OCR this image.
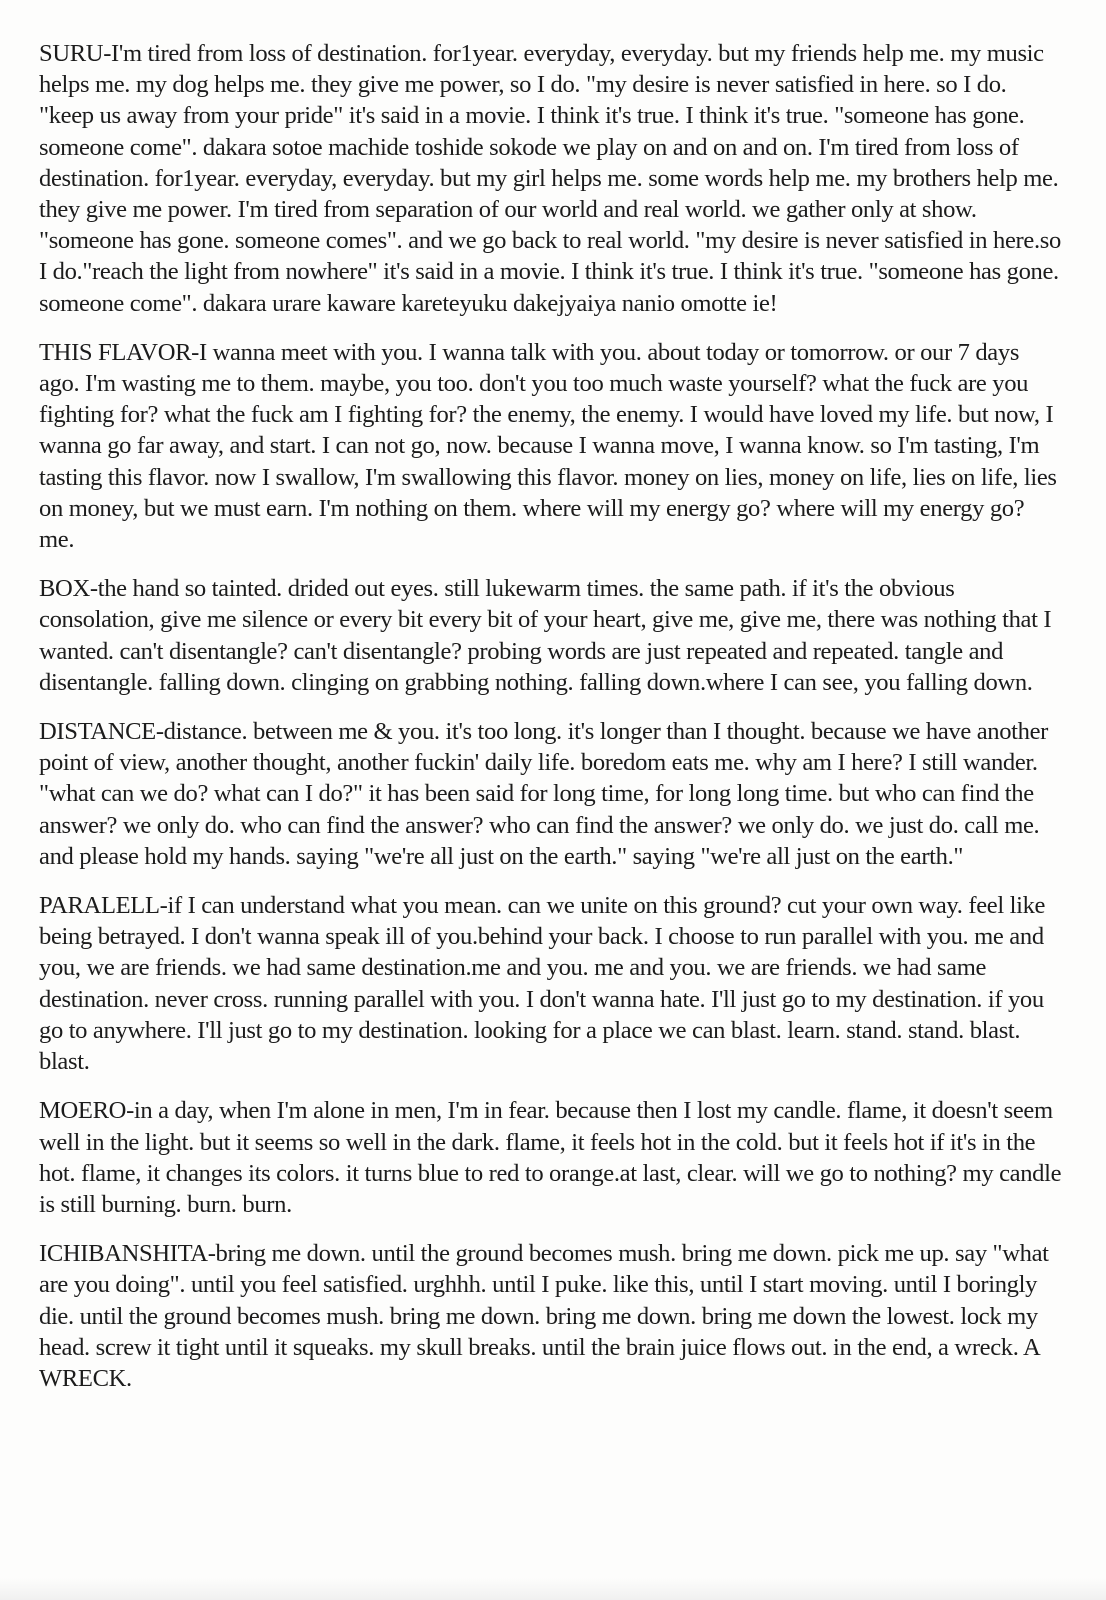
SURU-I'm tired from loss of destination. for1year. everyday, everyday. but my friends help me. my music helps me. my dog helps me. they give me power, so I do. "my desire is never satisfied in here. so I do. "keep us away from your pride" it's said in a movie. I think it's true. I think it's true. "someone has gone. someone come". dakara sotoe machide toshide sokode we play on and on and on. I'm tired from loss of destination. for1year. everyday, everyday. but my girl helps me. some words help me. my brothers help me. they give me power. I'm tired from separation of our world and real world. we gather only at show. "someone has gone. someone comes". and we go back to real world. "my desire is never satisfied in here.so I do."reach the light from nowhere" it's said in a movie. I think it's true. I think it's true. "someone has gone. someone come". dakara urare kaware kareteyuku dakejyaiya nanio omotte ie!

THIS FLAVOR-I wanna meet with you. I wanna talk with you. about today or tomorrow. or our 7 days ago. I'm wasting me to them. maybe, you too. don't you too much waste yourself? what the fuck are you fighting for? what the fuck am I fighting for? the enemy, the enemy. I would have loved my life. but now, I wanna go far away, and start. I can not go, now. because I wanna move, I wanna know. so I'm tasting, I'm tasting this flavor. now I swallow, I'm swallowing this flavor. money on lies, money on life, lies on life, lies on money, but we must earn. I'm nothing on them. where will my energy go? where will my energy go? me.

BOX-the hand so tainted. drided out eyes. still lukewarm times. the same path. if it's the obvious consolation, give me silence or every bit every bit of your heart, give me, give me, there was nothing that I wanted. can't disentangle? can't disentangle? probing words are just repeated and repeated. tangle and disentangle. falling down. clinging on grabbing nothing. falling down.where I can see, you falling down.

DISTANCE-distance. between me & you. it's too long. it's longer than I thought. because we have another point of view, another thought, another fuckin' daily life. boredom eats me. why am I here? I still wander. "what can we do? what can I do?" it has been said for long time, for long long time. but who can find the answer? we only do. who can find the answer? who can find the answer? we only do. we just do. call me. and please hold my hands. saying "we're all just on the earth." saying "we're all just on the earth."

PARALELL-if I can understand what you mean. can we unite on this ground? cut your own way. feel like being betrayed. I don't wanna speak ill of you.behind your back. I choose to run parallel with you. me and you, we are friends. we had same destination.me and you. me and you. we are friends. we had same destination. never cross. running parallel with you. I don't wanna hate. I'll just go to my destination. if you go to anywhere. I'll just go to my destination. looking for a place we can blast. learn. stand. stand. blast. blast.

MOERO-in a day, when I'm alone in men, I'm in fear. because then I lost my candle. flame, it doesn't seem well in the light. but it seems so well in the dark. flame, it feels hot in the cold. but it feels hot if it's in the hot. flame, it changes its colors. it turns blue to red to orange.at last, clear. will we go to nothing? my candle is still burning. burn. burn.

ICHIBANSHITA-bring me down. until the ground becomes mush. bring me down. pick me up. say "what are you doing". until you feel satisfied. urghhh. until I puke. like this, until I start moving. until I boringly die. until the ground becomes mush. bring me down. bring me down. bring me down the lowest. lock my head. screw it tight until it squeaks. my skull breaks. until the brain juice flows out. in the end, a wreck. A WRECK.
